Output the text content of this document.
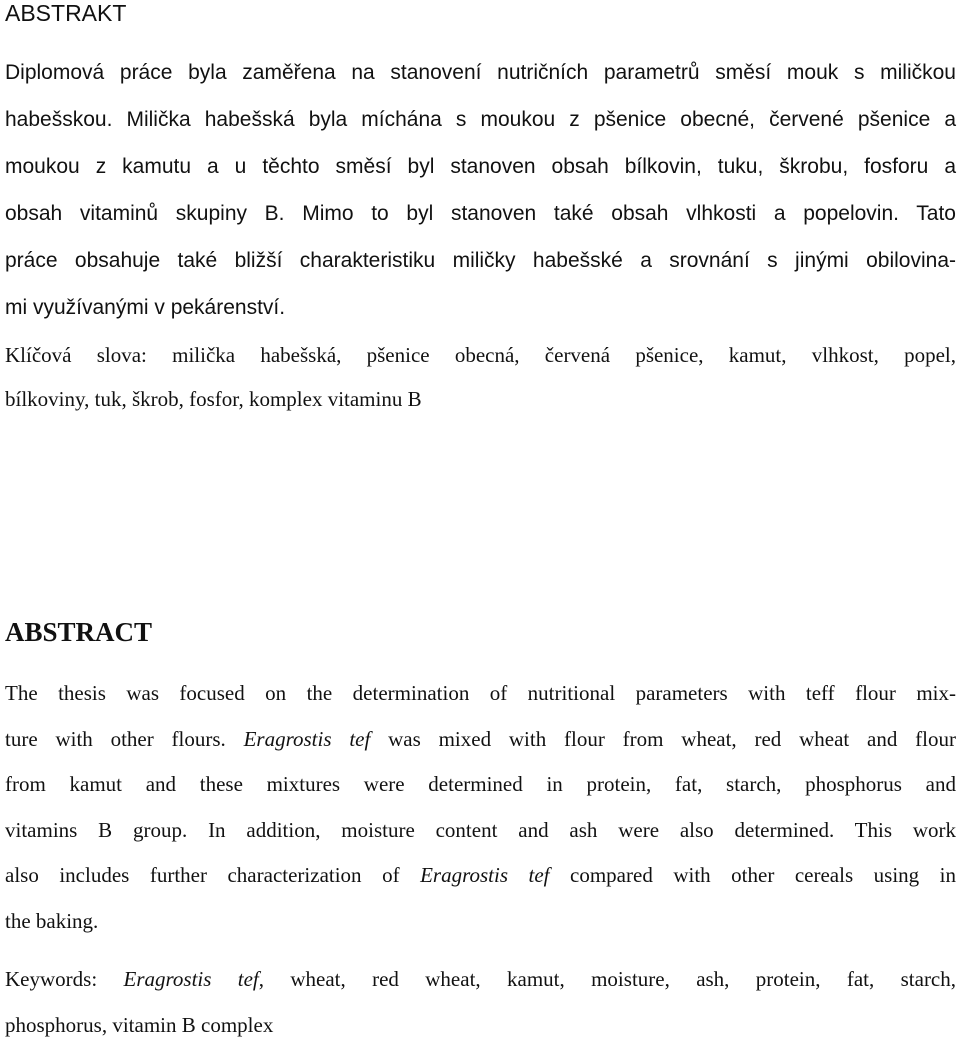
ABSTRAKT

Diplomová práce byla zaměřena na stanovení nutričních parametrů směsí mouk s miličkou
habešskou. Milička habešská byla míchána s moukou z pšenice obecné, červené pšenice a
moukou z kamutu a u těchto směsí byl stanoven obsah bílkovin, tuku, škrobu, fosforu a
obsah vitaminů skupiny B. Mimo to byl stanoven také obsah vlhkosti a popelovin. Tato
práce obsahuje také bližší charakteristiku miličky habešské a srovnání s jinými obilovina-
mi využívanými v pekárenství.

Klíčová slova: milička habešská, pšenice obecná, červená pšenice, kamut, vlhkost, popel,
bílkoviny, tuk, škrob, fosfor, komplex vitaminu B

ABSTRACT

The thesis was focused on the determination of nutritional parameters with teff flour mix-
ture with other flours. Eragrostis tef was mixed with flour from wheat, red wheat and flour
from kamut and these mixtures were determined in protein, fat, starch, phosphorus and
vitamins B group. In addition, moisture content and ash were also determined. This work
also includes further characterization of Eragrostis tef compared with other cereals using in
the baking.

Keywords: Eragrostis tef, wheat, red wheat, kamut, moisture, ash, protein, fat, starch,
phosphorus, vitamin B complex
